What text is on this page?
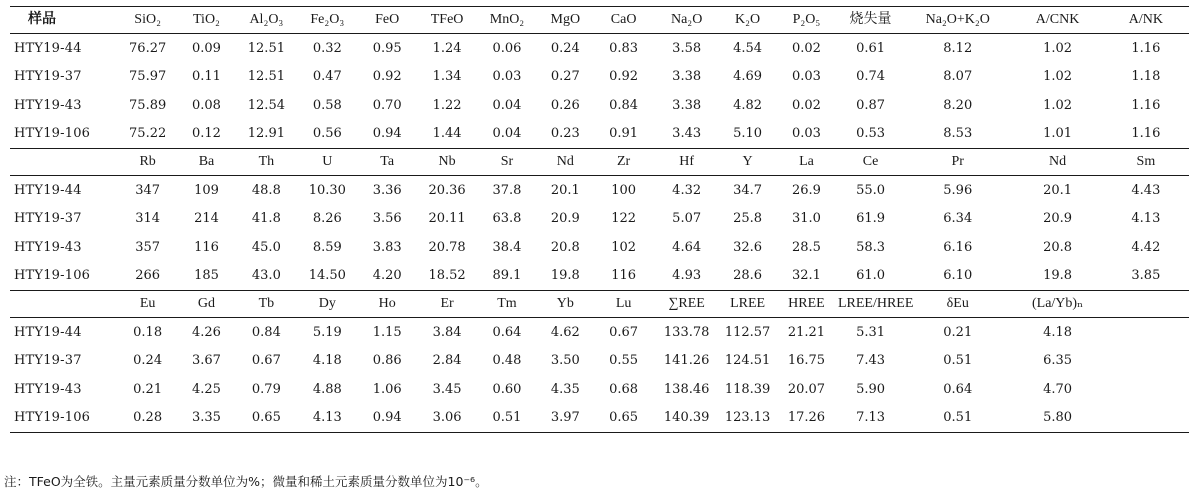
样品	SiO₂	TiO₂	Al₂O₃	Fe₂O₃	FeO	TFeO	MnO₂	MgO	CaO	Na₂O	K₂O	P₂O₅	烧失量	Na₂O+K₂O	A/CNK	A/NK
HTY19-44	76.27	0.09	12.51	0.32	0.95	1.24	0.06	0.24	0.83	3.58	4.54	0.02	0.61	8.12	1.02	1.16
HTY19-37	75.97	0.11	12.51	0.47	0.92	1.34	0.03	0.27	0.92	3.38	4.69	0.03	0.74	8.07	1.02	1.18
HTY19-43	75.89	0.08	12.54	0.58	0.70	1.22	0.04	0.26	0.84	3.38	4.82	0.02	0.87	8.20	1.02	1.16
HTY19-106	75.22	0.12	12.91	0.56	0.94	1.44	0.04	0.23	0.91	3.43	5.10	0.03	0.53	8.53	1.01	1.16
	Rb	Ba	Th	U	Ta	Nb	Sr	Nd	Zr	Hf	Y	La	Ce	Pr	Nd	Sm
HTY19-44	347	109	48.8	10.30	3.36	20.36	37.8	20.1	100	4.32	34.7	26.9	55.0	5.96	20.1	4.43
HTY19-37	314	214	41.8	8.26	3.56	20.11	63.8	20.9	122	5.07	25.8	31.0	61.9	6.34	20.9	4.13
HTY19-43	357	116	45.0	8.59	3.83	20.78	38.4	20.8	102	4.64	32.6	28.5	58.3	6.16	20.8	4.42
HTY19-106	266	185	43.0	14.50	4.20	18.52	89.1	19.8	116	4.93	28.6	32.1	61.0	6.10	19.8	3.85
	Eu	Gd	Tb	Dy	Ho	Er	Tm	Yb	Lu	∑REE	LREE	HREE	LREE/HREE	δEu	(La/Yb)ₙ	
HTY19-44	0.18	4.26	0.84	5.19	1.15	3.84	0.64	4.62	0.67	133.78	112.57	21.21	5.31	0.21	4.18	
HTY19-37	0.24	3.67	0.67	4.18	0.86	2.84	0.48	3.50	0.55	141.26	124.51	16.75	7.43	0.51	6.35	
HTY19-43	0.21	4.25	0.79	4.88	1.06	3.45	0.60	4.35	0.68	138.46	118.39	20.07	5.90	0.64	4.70	
HTY19-106	0.28	3.35	0.65	4.13	0.94	3.06	0.51	3.97	0.65	140.39	123.13	17.26	7.13	0.51	5.80	
注：TFeO为全铁。主量元素质量分数单位为%；微量和稀土元素质量分数单位为10⁻⁶。
